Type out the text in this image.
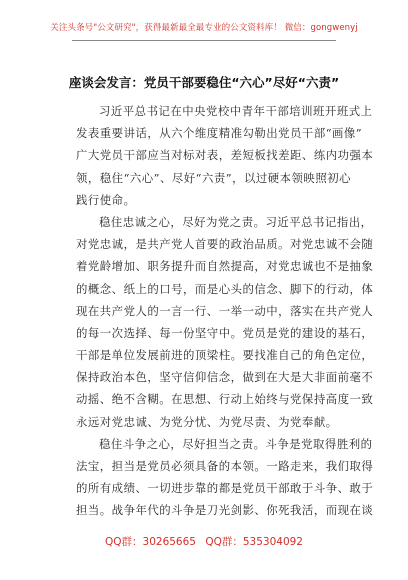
关注头条号"公文研究"，获得最新最全最专业的公文资料库！ 微信：gongwenyj
座谈会发言：党员干部要稳住“六心”尽好“六责”
习近平总书记在中央党校中青年干部培训班开班式上
发表重要讲话，从六个维度精准勾勒出党员干部“画像”
广大党员干部应当对标对表，差短板找差距、练内功强本
领，稳住“六心”、尽好“六责”，以过硬本领映照初心
践行使命。
稳住忠诚之心，尽好为党之责。习近平总书记指出，
对党忠诚，是共产党人首要的政治品质。对党忠诚不会随
着党龄增加、职务提升而自然提高，对党忠诚也不是抽象
的概念、纸上的口号，而是心头的信念、脚下的行动，体
现在共产党人的一言一行、一举一动中，落实在共产党人
的每一次选择、每一份坚守中。党员是党的建设的基石，
干部是单位发展前进的顶梁柱。要找准自己的角色定位，
保持政治本色，坚守信仰信念，做到在大是大非面前毫不
动摇、绝不含糊。在思想、行动上始终与党保持高度一致
永远对党忠诚、为党分忧、为党尽责、为党奉献。
稳住斗争之心，尽好担当之责。斗争是党取得胜利的
法宝，担当是党员必须具备的本领。一路走来，我们取得
的所有成绩、一切进步靠的都是党员干部敢于斗争、敢于
担当。战争年代的斗争是刀光剑影、你死我活，而现在谈
QQ群：30265665 QQ群：535304092
